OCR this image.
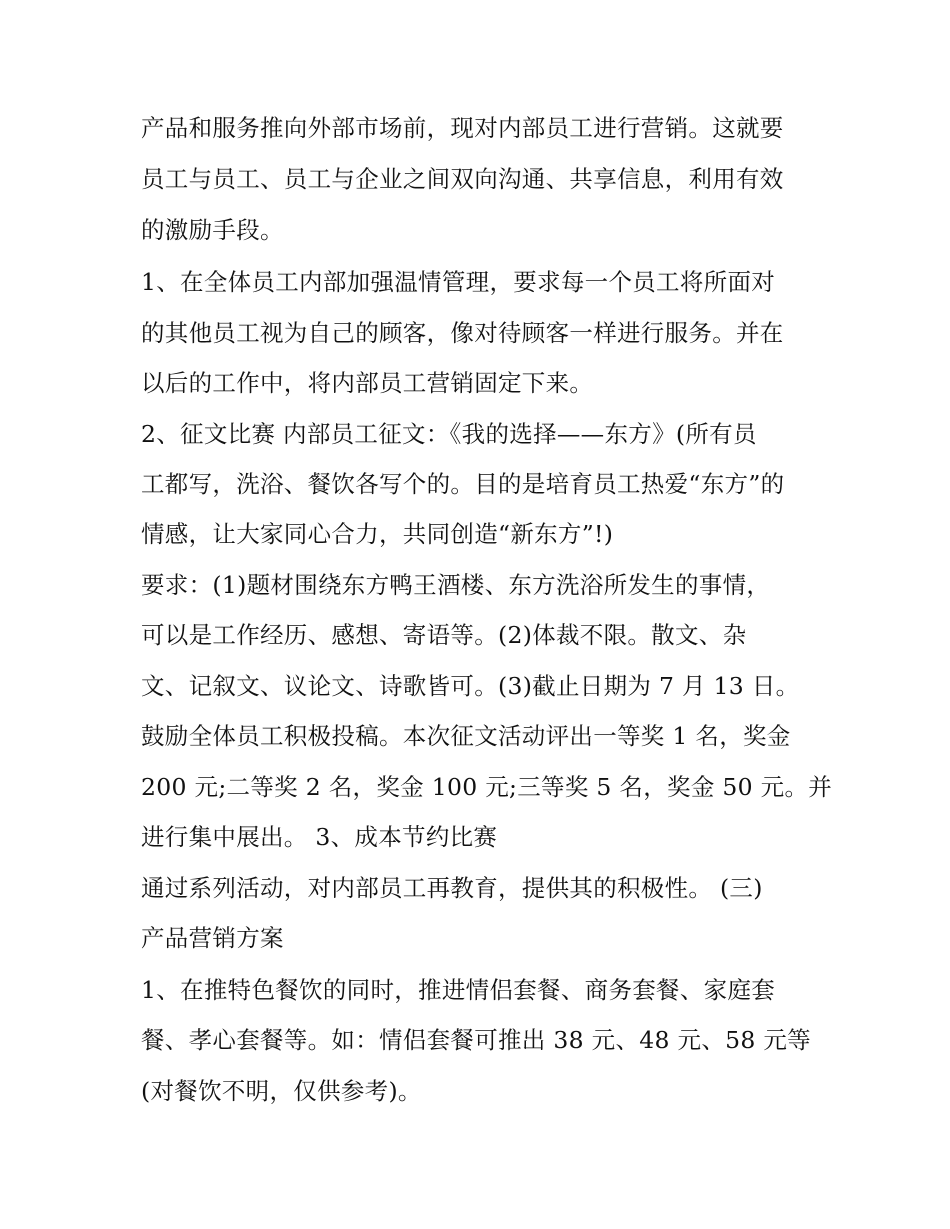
产品和服务推向外部市场前，现对内部员工进行营销。这就要
员工与员工、员工与企业之间双向沟通、共享信息，利用有效
的激励手段。
1、在全体员工内部加强温情管理，要求每一个员工将所面对
的其他员工视为自己的顾客，像对待顾客一样进行服务。并在
以后的工作中，将内部员工营销固定下来。
2、征文比赛 内部员工征文：《我的选择——东方》(所有员
工都写，洗浴、餐饮各写个的。目的是培育员工热爱“东方”的
情感，让大家同心合力，共同创造“新东方”!)
要求：(1)题材围绕东方鸭王酒楼、东方洗浴所发生的事情，
可以是工作经历、感想、寄语等。(2)体裁不限。散文、杂
文、记叙文、议论文、诗歌皆可。(3)截止日期为 7 月 13 日。
鼓励全体员工积极投稿。本次征文活动评出一等奖 1 名，奖金
200 元;二等奖 2 名，奖金 100 元;三等奖 5 名，奖金 50 元。并
进行集中展出。 3、成本节约比赛
通过系列活动，对内部员工再教育，提供其的积极性。 (三)
产品营销方案
1、在推特色餐饮的同时，推进情侣套餐、商务套餐、家庭套
餐、孝心套餐等。如：情侣套餐可推出 38 元、48 元、58 元等
(对餐饮不明，仅供参考)。
